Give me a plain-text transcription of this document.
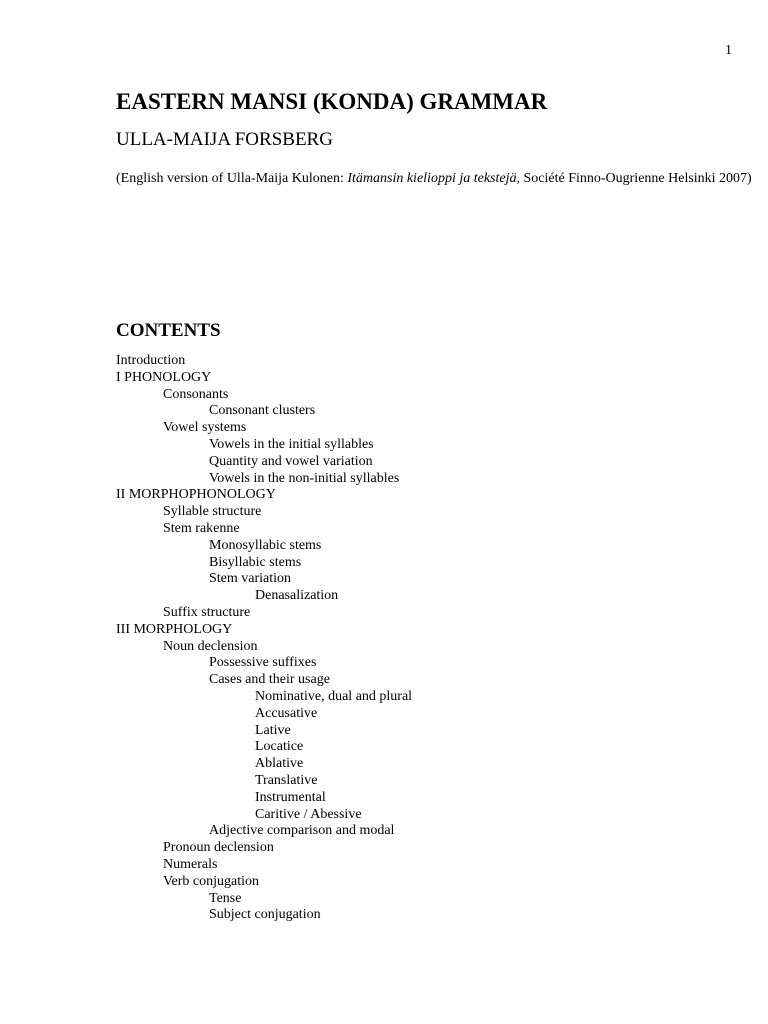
1
EASTERN MANSI (KONDA) GRAMMAR
ULLA-MAIJA FORSBERG
(English version of Ulla-Maija Kulonen: Itämansin kielioppi ja tekstejä, Société Finno-Ougrienne Helsinki 2007)
CONTENTS
Introduction
I PHONOLOGY
Consonants
Consonant clusters
Vowel systems
Vowels in the initial syllables
Quantity and vowel variation
Vowels in the non-initial syllables
II MORPHOPHONOLOGY
Syllable structure
Stem rakenne
Monosyllabic stems
Bisyllabic stems
Stem variation
Denasalization
Suffix structure
III MORPHOLOGY
Noun declension
Possessive suffixes
Cases and their usage
Nominative, dual and plural
Accusative
Lative
Locatice
Ablative
Translative
Instrumental
Caritive / Abessive
Adjective comparison and modal
Pronoun declension
Numerals
Verb conjugation
Tense
Subject conjugation
